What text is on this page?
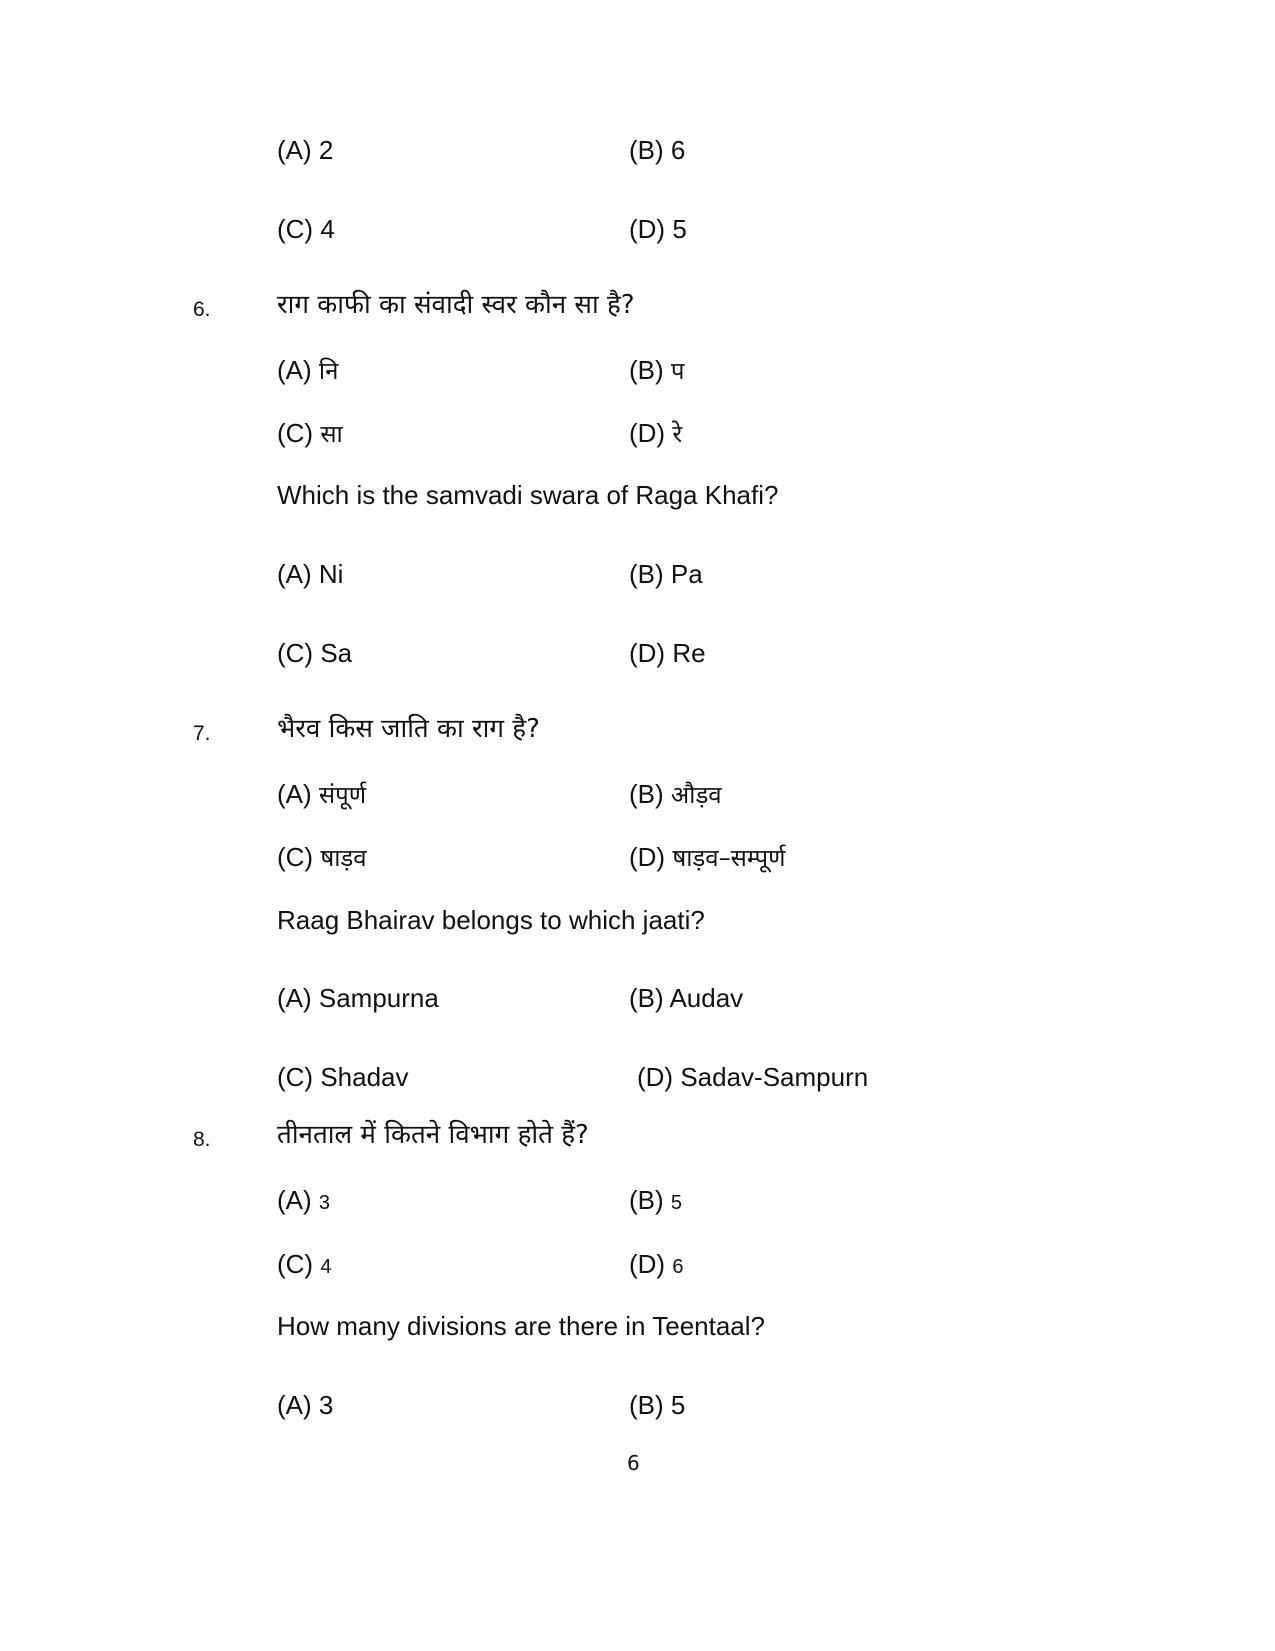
(A) 2	(B) 6
(C) 4	(D) 5
6.	राग काफी का संवादी स्वर कौन सा है?
(A) नि	(B) प
(C) सा	(D) रे
Which is the samvadi swara of Raga Khafi?
(A) Ni	(B) Pa
(C) Sa	(D) Re
7.	भैरव किस जाति का राग है?
(A) संपूर्ण	(B) औड़व
(C) षाड़व	(D) षाड़व–सम्पूर्ण
Raag Bhairav belongs to which jaati?
(A) Sampurna	(B) Audav
(C) Shadav	(D) Sadav-Sampurn
8.	तीनताल में कितने विभाग होते हैं?
(A) 3	(B) 5
(C) 4	(D) 6
How many divisions are there in Teentaal?
(A) 3	(B) 5
6
